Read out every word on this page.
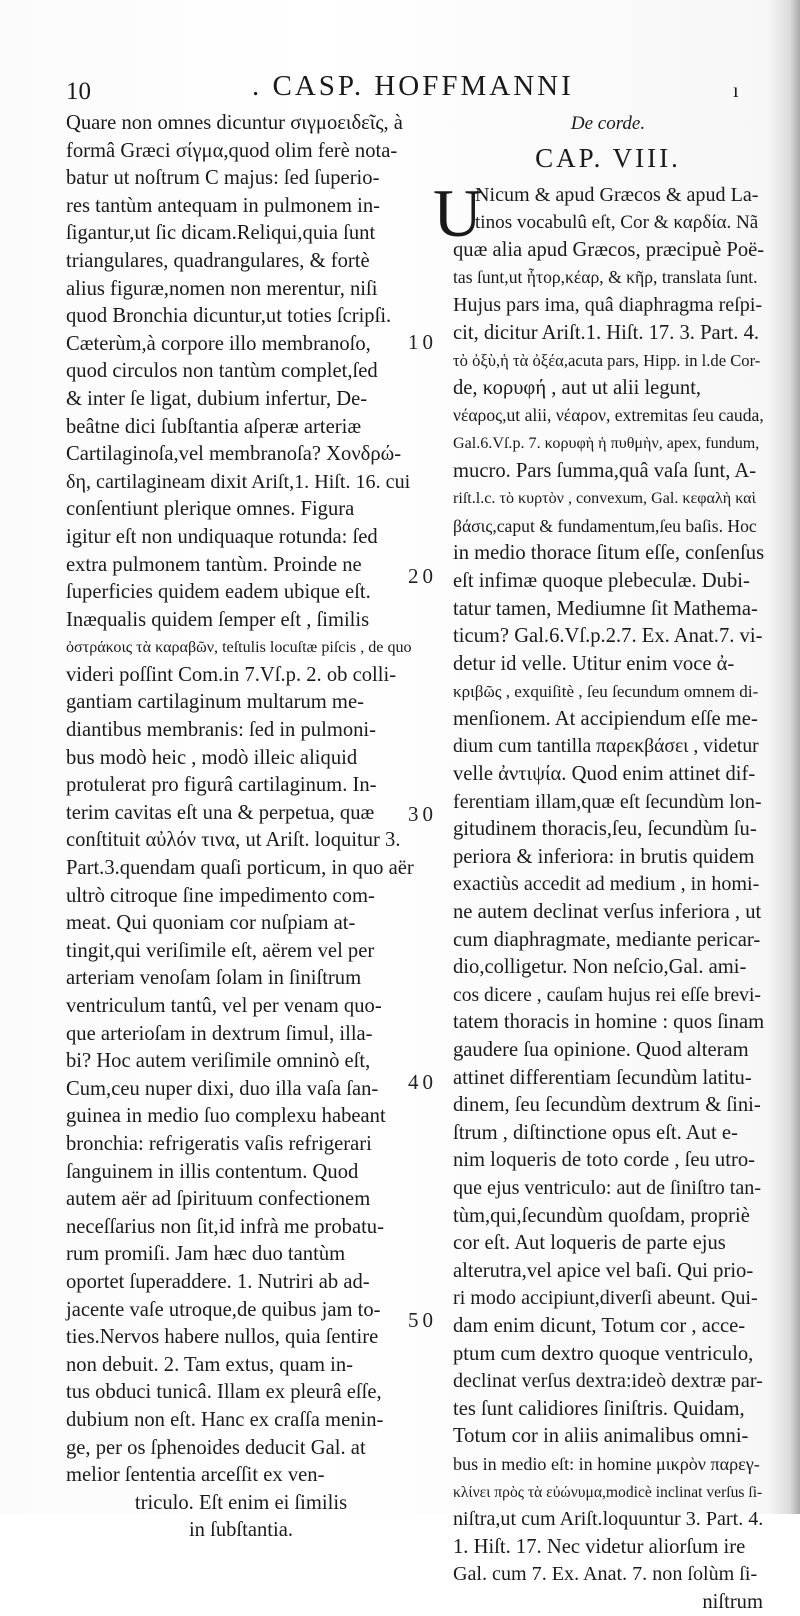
10	. CASP. HOFFMANNI	ı
Quare non omnes dicuntur σιγμοειδεῖς, à
formâ Græci σίγμα,quod olim ferè nota-
batur ut noſtrum C majus: ſed ſuperio-
res tantùm antequam in pulmonem in-
ſigantur,ut ſic dicam.Reliqui,quia ſunt
triangulares, quadrangulares, & fortè
alius figuræ,nomen non merentur, niſi
quod Bronchia dicuntur,ut toties ſcripſi.
Cæterùm,à corpore illo membranoſo,
quod circulos non tantùm complet,ſed
& inter ſe ligat, dubium infertur, De-
beâtne dici ſubſtantia aſperæ arteriæ
Cartilaginoſa,vel membranoſa? Χονδρώ-
δη, cartilagineam dixit Ariſt,1. Hiſt. 16. cui
conſentiunt plerique omnes. Figura
igitur eſt non undiquaque rotunda: ſed
extra pulmonem tantùm. Proinde ne
ſuperficies quidem eadem ubique eſt.
Inæqualis quidem ſemper eſt , ſimilis
ὀστράκοις τὰ καραβῶν, teſtulis locuſtæ piſcis , de quo
videri poſſint Com.in 7.Vſ.p. 2. ob colli-
gantiam cartilaginum multarum me-
diantibus membranis: ſed in pulmoni-
bus modò heic , modò illeic aliquid
protulerat pro figurâ cartilaginum. In-
terim cavitas eſt una & perpetua, quæ
conſtituit αὐλόν τινα, ut Ariſt. loquitur 3.
Part.3.quendam quaſi porticum, in quo aër
ultrò citroque ſine impedimento com-
meat. Qui quoniam cor nuſpiam at-
tingit,qui veriſimile eſt, aërem vel per
arteriam venoſam ſolam in ſiniſtrum
ventriculum tantû, vel per venam quo-
que arterioſam in dextrum ſimul, illa-
bi? Hoc autem veriſimile omninò eſt,
Cum,ceu nuper dixi, duo illa vaſa ſan-
guinea in medio ſuo complexu habeant
bronchia: refrigeratis vaſis refrigerari
ſanguinem in illis contentum. Quod
autem aër ad ſpirituum confectionem
neceſſarius non ſit,id infrà me probatu-
rum promiſi. Jam hæc duo tantùm
oportet ſuperaddere. 1. Nutriri ab ad-
jacente vaſe utroque,de quibus jam to-
ties.Nervos habere nullos, quia ſentire
non debuit. 2. Tam extus, quam in-
tus obduci tunicâ. Illam ex pleurâ eſſe,
dubium non eſt. Hanc ex craſſa menin-
ge, per os ſphenoides deducit Gal. at
melior ſententia arceſſit ex ven-
triculo. Eſt enim ei ſimilis
in ſubſtantia.
10
20
30
40
50
De corde.
CAP. VIII.
U
Nicum & apud Græcos & apud La-
tinos vocabulû eſt, Cor & καρδία. Nã
quæ alia apud Græcos, præcipuè Poë-
tas ſunt,ut ἦτορ,κέαρ, & κῆρ, translata ſunt.
Hujus pars ima, quâ diaphragma reſpi-
cit, dicitur Ariſt.1. Hiſt. 17. 3. Part. 4.
τὸ ὀξὺ,ἡ τὰ ὀξέα,acuta pars, Hipp. in l.de Cor-
de, κορυφή , aut ut alii legunt,
νέαρος,ut alii, νέαρον, extremitas ſeu cauda,
Gal.6.Vſ.p. 7. κορυφὴ ἡ πυθμὴν, apex, fundum,
mucro. Pars ſumma,quâ vaſa ſunt, A-
riſt.l.c. τὸ κυρτὸν , convexum, Gal. κεφαλὴ καὶ
βάσις,caput & fundamentum,ſeu baſis. Hoc
in medio thorace ſitum eſſe, conſenſus
eſt infimæ quoque plebeculæ. Dubi-
tatur tamen, Mediumne ſit Mathema-
ticum? Gal.6.Vſ.p.2.7. Ex. Anat.7. vi-
detur id velle. Utitur enim voce ἀ-
κριβῶς , exquiſitè , ſeu ſecundum omnem di-
menſionem. At accipiendum eſſe me-
dium cum tantilla παρεκβάσει , videtur
velle ἀντιψία. Quod enim attinet dif-
ferentiam illam,quæ eſt ſecundùm lon-
gitudinem thoracis,ſeu, ſecundùm ſu-
periora & inferiora: in brutis quidem
exactiùs accedit ad medium , in homi-
ne autem declinat verſus inferiora , ut
cum diaphragmate, mediante pericar-
dio,colligetur. Non neſcio,Gal. ami-
cos dicere , cauſam hujus rei eſſe brevi-
tatem thoracis in homine : quos ſinam
gaudere ſua opinione. Quod alteram
attinet differentiam ſecundùm latitu-
dinem, ſeu ſecundùm dextrum & ſini-
ſtrum , diſtinctione opus eſt. Aut e-
nim loqueris de toto corde , ſeu utro-
que ejus ventriculo: aut de ſiniſtro tan-
tùm,qui,ſecundùm quoſdam, propriè
cor eſt. Aut loqueris de parte ejus
alterutra,vel apice vel baſi. Qui prio-
ri modo accipiunt,diverſi abeunt. Qui-
dam enim dicunt, Totum cor , acce-
ptum cum dextro quoque ventriculo,
declinat verſus dextra:ideò dextræ par-
tes ſunt calidiores ſiniſtris. Quidam,
Totum cor in aliis animalibus omni-
bus in medio eſt: in homine μικρὸν παρεγ-
κλίνει πρὸς τὰ εὐώνυμα,modicè inclinat verſus ſi-
niſtra,ut cum Ariſt.loquuntur 3. Part. 4.
1. Hiſt. 17. Nec videtur aliorſum ire
Gal. cum 7. Ex. Anat. 7. non ſolùm ſi-
niſtrum
